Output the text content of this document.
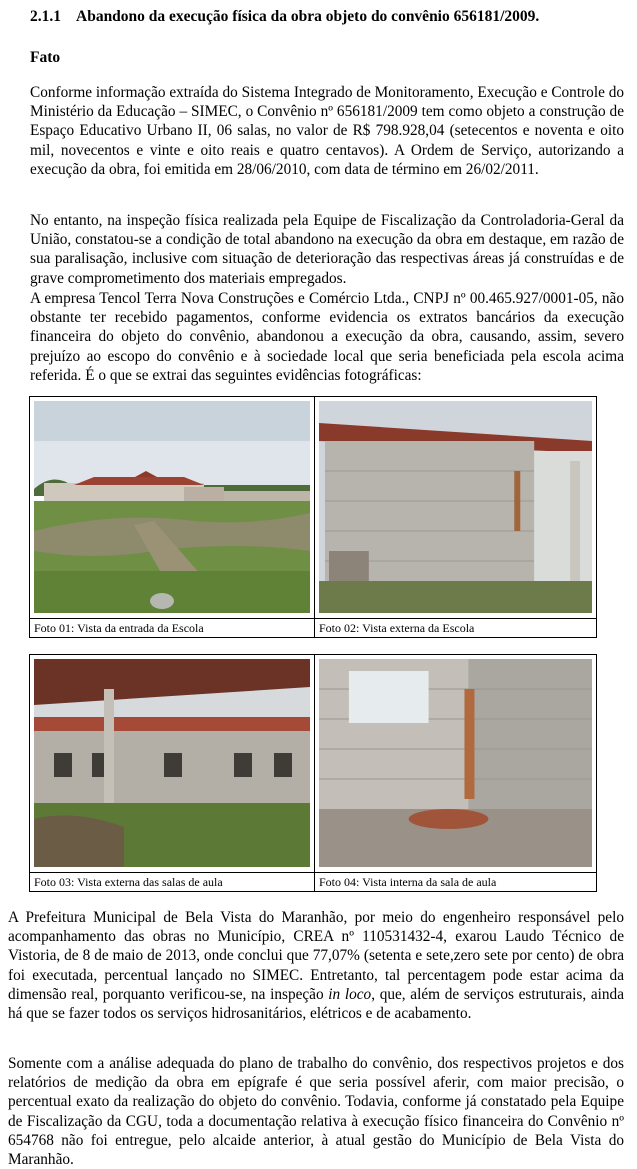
2.1.1 Abandono da execução física da obra objeto do convênio 656181/2009.
Fato
Conforme informação extraída do Sistema Integrado de Monitoramento, Execução e Controle do Ministério da Educação – SIMEC, o Convênio nº 656181/2009 tem como objeto a construção de Espaço Educativo Urbano II, 06 salas, no valor de R$ 798.928,04 (setecentos e noventa e oito mil, novecentos e vinte e oito reais e quatro centavos). A Ordem de Serviço, autorizando a execução da obra, foi emitida em 28/06/2010, com data de término em 26/02/2011.
No entanto, na inspeção física realizada pela Equipe de Fiscalização da Controladoria-Geral da União, constatou-se a condição de total abandono na execução da obra em destaque, em razão de sua paralisação, inclusive com situação de deterioração das respectivas áreas já construídas e de grave comprometimento dos materiais empregados.
A empresa Tencol Terra Nova Construções e Comércio Ltda., CNPJ nº 00.465.927/0001-05, não obstante ter recebido pagamentos, conforme evidencia os extratos bancários da execução financeira do objeto do convênio, abandonou a execução da obra, causando, assim, severo prejuízo ao escopo do convênio e à sociedade local que seria beneficiada pela escola acima referida. É o que se extrai das seguintes evidências fotográficas:
Foto 01: Vista da entrada da Escola	Foto 02: Vista externa da Escola
Foto 03: Vista externa das salas de aula	Foto 04: Vista interna da sala de aula
A Prefeitura Municipal de Bela Vista do Maranhão, por meio do engenheiro responsável pelo acompanhamento das obras no Município, CREA nº 110531432-4, exarou Laudo Técnico de Vistoria, de 8 de maio de 2013, onde conclui que 77,07% (setenta e sete,zero sete por cento) de obra foi executada, percentual lançado no SIMEC. Entretanto, tal percentagem pode estar acima da dimensão real, porquanto verificou-se, na inspeção in loco, que, além de serviços estruturais, ainda há que se fazer todos os serviços hidrosanitários, elétricos e de acabamento.
Somente com a análise adequada do plano de trabalho do convênio, dos respectivos projetos e dos relatórios de medição da obra em epígrafe é que seria possível aferir, com maior precisão, o percentual exato da realização do objeto do convênio. Todavia, conforme já constatado pela Equipe de Fiscalização da CGU, toda a documentação relativa à execução físico financeira do Convênio nº 654768 não foi entregue, pelo alcaide anterior, à atual gestão do Município de Bela Vista do Maranhão.
